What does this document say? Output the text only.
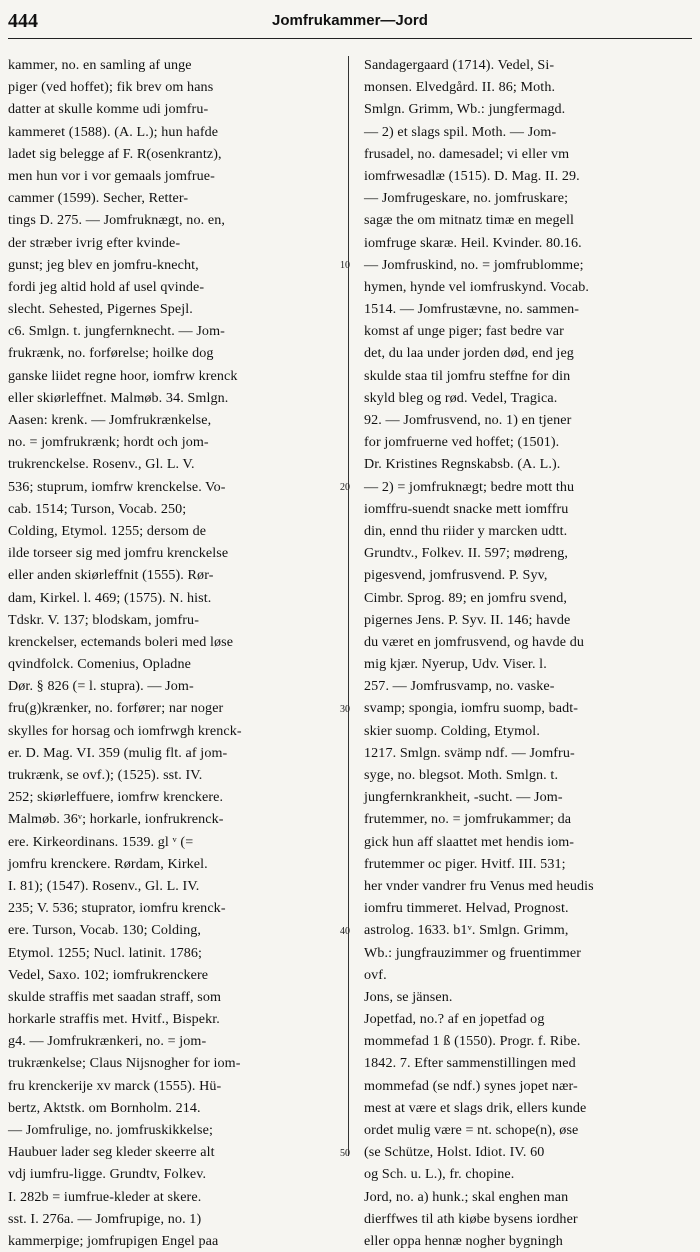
444	Jomfrukammer—Jord
kammer, no. en samling af unge
piger (ved hoffet); fik brev om hans
datter at skulle komme udi jomfru-
kammeret (1588). (A. L.); hun hafde
ladet sig belegge af F. R(osenkrantz),
men hun vor i vor gemaals jomfrue-
cammer (1599). Secher, Retter-
tings D. 275. — Jomfruknægt, no. en,
der stræber ivrig efter kvinde-
gunst; jeg blev en jomfru-knecht,
fordi jeg altid hold af usel qvinde-
slecht. Sehested, Pigernes Spejl.
c6. Smlgn. t. jungfernknecht. — Jom-
frukrænk, no. forførelse; hoilke dog
ganske liidet regne hoor, iomfrw krenck
eller skiørleffnet. Malmøb. 34. Smlgn.
Aasen: krenk. — Jomfrukrænkelse,
no. = jomfrukrænk; hordt och jom-
trukrenckelse. Rosenv., Gl. L. V.
536; stuprum, iomfrw krenckelse. Vo-
cab. 1514; Turson, Vocab. 250;
Colding, Etymol. 1255; dersom de
ilde torseer sig med jomfru krenckelse
eller anden skiørleffnit (1555). Rør-
dam, Kirkel. l. 469; (1575). N. hist.
Tdskr. V. 137; blodskam, jomfru-
krenckelser, ectemands boleri med løse
qvindfolck. Comenius, Opladne
Dør. § 826 (= l. stupra). — Jom-
fru(g)krænker, no. forfører; nar noger
skylles for horsag och iomfrwgh krenck-
er. D. Mag. VI. 359 (mulig flt. af jom-
trukrænk, se ovf.); (1525). sst. IV.
252; skiørleffuere, iomfrw krenckere.
Malmøb. 36ᵛ; horkarle, ionfrukrenck-
ere. Kirkeordinans. 1539. gl ᵛ (=
jomfru krenckere. Rørdam, Kirkel.
I. 81); (1547). Rosenv., Gl. L. IV.
235; V. 536; stuprator, iomfru krenck-
ere. Turson, Vocab. 130; Colding,
Etymol. 1255; Nucl. latinit. 1786;
Vedel, Saxo. 102; iomfrukrenckere
skulde straffis met saadan straff, som
horkarle straffis met. Hvitf., Bispekr.
g4. — Jomfrukrænkeri, no. = jom-
trukrænkelse; Claus Nijsnogher for iom-
fru krenckerije xv marck (1555). Hü-
bertz, Aktstk. om Bornholm. 214.
— Jomfrulige, no. jomfruskikkelse;
Haubuer lader seg kleder skeerre alt
vdj iumfru-ligge. Grundtv, Folkev.
I. 282b = iumfrue-kleder at skere.
sst. I. 276a. — Jomfrupige, no. 1)
kammerpige; jomfrupigen Engel paa
Sandagergaard (1714). Vedel, Si-
monsen. Elvedgård. II. 86; Moth.
Smlgn. Grimm, Wb.: jungfermagd.
— 2) et slags spil. Moth. — Jom-
frusadel, no. damesadel; vi eller vm
iomfrwesadlæ (1515). D. Mag. II. 29.
— Jomfrugeskare, no. jomfruskare;
sagæ the om mitnatz timæ en megell
iomfruge skaræ. Heil. Kvinder. 80.16.
— Jomfruskind, no. = jomfrublomme;
hymen, hynde vel iomfruskynd. Vocab.
1514. — Jomfrustævne, no. sammen-
komst af unge piger; fast bedre var
det, du laa under jorden død, end jeg
skulde staa til jomfru steffne for din
skyld bleg og rød. Vedel, Tragica.
92. — Jomfrusvend, no. 1) en tjener
for jomfruerne ved hoffet; (1501).
Dr. Kristines Regnskabsb. (A. L.).
— 2) = jomfruknægt; bedre mott thu
iomffru-suendt snacke mett iomffru
din, ennd thu riider y marcken udtt.
Grundtv., Folkev. II. 597; mødreng,
pigesvend, jomfrusvend. P. Syv,
Cimbr. Sprog. 89; en jomfru svend,
pigernes Jens. P. Syv. II. 146; havde
du været en jomfrusvend, og havde du
mig kjær. Nyerup, Udv. Viser. l.
257. — Jomfrusvamp, no. vaske-
svamp; spongia, iomfru suomp, badt-
skier suomp. Colding, Etymol.
1217. Smlgn. svämp ndf. — Jomfru-
syge, no. blegsot. Moth. Smlgn. t.
jungfernkrankheit, -sucht. — Jom-
frutemmer, no. = jomfrukammer; da
gick hun aff slaattet met hendis iom-
frutemmer oc piger. Hvitf. III. 531;
her vnder vandrer fru Venus med heudis
iomfru timmeret. Helvad, Prognost.
astrolog. 1633. b1ᵛ. Smlgn. Grimm,
Wb.: jungfrauzimmer og fruentimmer
ovf.
Jons, se jänsen.
Jopetfad, no.? af en jopetfad og
mommefad 1 ß (1550). Progr. f. Ribe.
1842. 7. Efter sammenstillingen med
mommefad (se ndf.) synes jopet nær-
mest at være et slags drik, ellers kunde
ordet mulig være = nt. schope(n), øse
(se Schütze, Holst. Idiot. IV. 60
og Sch. u. L.), fr. chopine.
Jord, no. a) hunk.; skal enghen man
dierffwes til ath kiøbe bysens iordher
eller oppa hennæ nogher bygningh
10
20
30
40
50
